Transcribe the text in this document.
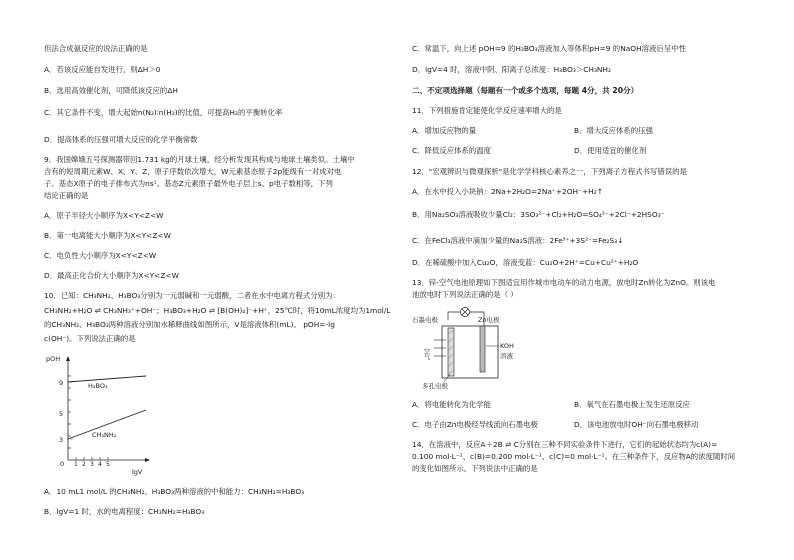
但法合成氨反应的说法正确的是
A．若该反应能自发进行，则ΔH＞0
B．选用高效催化剂，可降低该反应的ΔH
C．其它条件不变，增大起始n(N₂)∶n(H₂)的比值，可提高H₂的平衡转化率
D．提高体系的压强可增大反应的化学平衡常数
9．我国嫦娥五号探测器带回1.731 kg的月球土壤，经分析发现其构成与地球土壤类似。土壤中
含有的短周期元素W、X、Y、Z，原子序数依次增大，W元素基态原子2p能级有一对成对电
子。基态X原子的电子排布式为ns¹。基态Z元素原子最外电子层上s、p电子数相等，下列
结论正确的是
A．原子半径大小顺序为X<Y<Z<W
B．第一电离能大小顺序为X<Y<Z<W
C．电负性大小顺序为X<Y<Z<W
D．最高正化合价大小顺序为X<Y<Z<W
10．已知：CH₃NH₂、H₃BO₃分别为一元弱碱和一元弱酸，二者在水中电离方程式分别为：
CH₃NH₂+H₂O ⇌ CH₃NH₃⁺+OH⁻；H₃BO₃+H₂O ⇌ [B(OH)₄]⁻+H⁺，25℃时，将10mL浓度均为1mol/L
的CH₃NH₂、H₃BO₃两种溶液分别加水稀释曲线如图所示，V是溶液体积(mL)。 pOH=-lg
c(OH⁻)。下列说法正确的是
pOH
9
5
3
0 1 2 3 4 5
lgV
H₃BO₃
CH₃NH₂
A．10 mL1 mol/L 的CH₃NH₂、H₃BO₃两种溶液的中和能力：CH₃NH₂=H₃BO₃
B．lgV=1 时，水的电离程度：CH₃NH₂=H₃BO₃
C．常温下，向上述 pOH=9 的H₃BO₃溶液加入等体积pH=9 的NaOH溶液后呈中性
D．lgV=4 时，溶液中阴、阳离子总浓度：H₃BO₃＞CH₃NH₂
二、不定项选择题（每题有一个或多个选项，每题 4分，共 20分）
11．下列措施肯定能使化学反应速率增大的是
A．增加反应物的量	B．增大反应体系的压强
C．降低反应体系的温度	D．使用适宜的催化剂
12．"宏观辨识与微观探析"是化学学科核心素养之一，下列离子方程式书写错误的是
A．在水中投入小块钠：2Na+2H₂O=2Na⁺+2OH⁻+H₂↑
B．用Na₂SO₃溶液吸收少量Cl₂：3SO₃²⁻+Cl₂+H₂O=SO₄²⁻+2Cl⁻+2HSO₃⁻
C．在FeCl₃溶液中滴加少量的Na₂S溶液：2Fe³⁺+3S²⁻=Fe₂S₃↓
D．在稀硫酸中加入Cu₂O，溶液变蓝：Cu₂O+2H⁺=Cu+Cu²⁺+H₂O
13．锌-空气电池原理如下图适宜用作城市电动车的动力电源，放电时Zn转化为ZnO。则该电
池放电时下列说法正确的是（ ）
石墨电极	Zn电极
空气
KOH
溶液
多孔电极
A．将电能转化为化学能	B．氧气在石墨电极上发生还原反应
C．电子由Zn电极经导线流向石墨电极	D．该电池放电时OH⁻向石墨电极移动
14．在溶液中，反应A＋2B ⇌ C分别在三种不同实验条件下进行，它们的起始状态均为c(A)=
0.100 mol·L⁻¹、c(B)=0.200 mol·L⁻¹、c(C)=0 mol·L⁻¹。在三种条件下，反应物A的浓度随时间
的变化如图所示。下列说法中正确的是
